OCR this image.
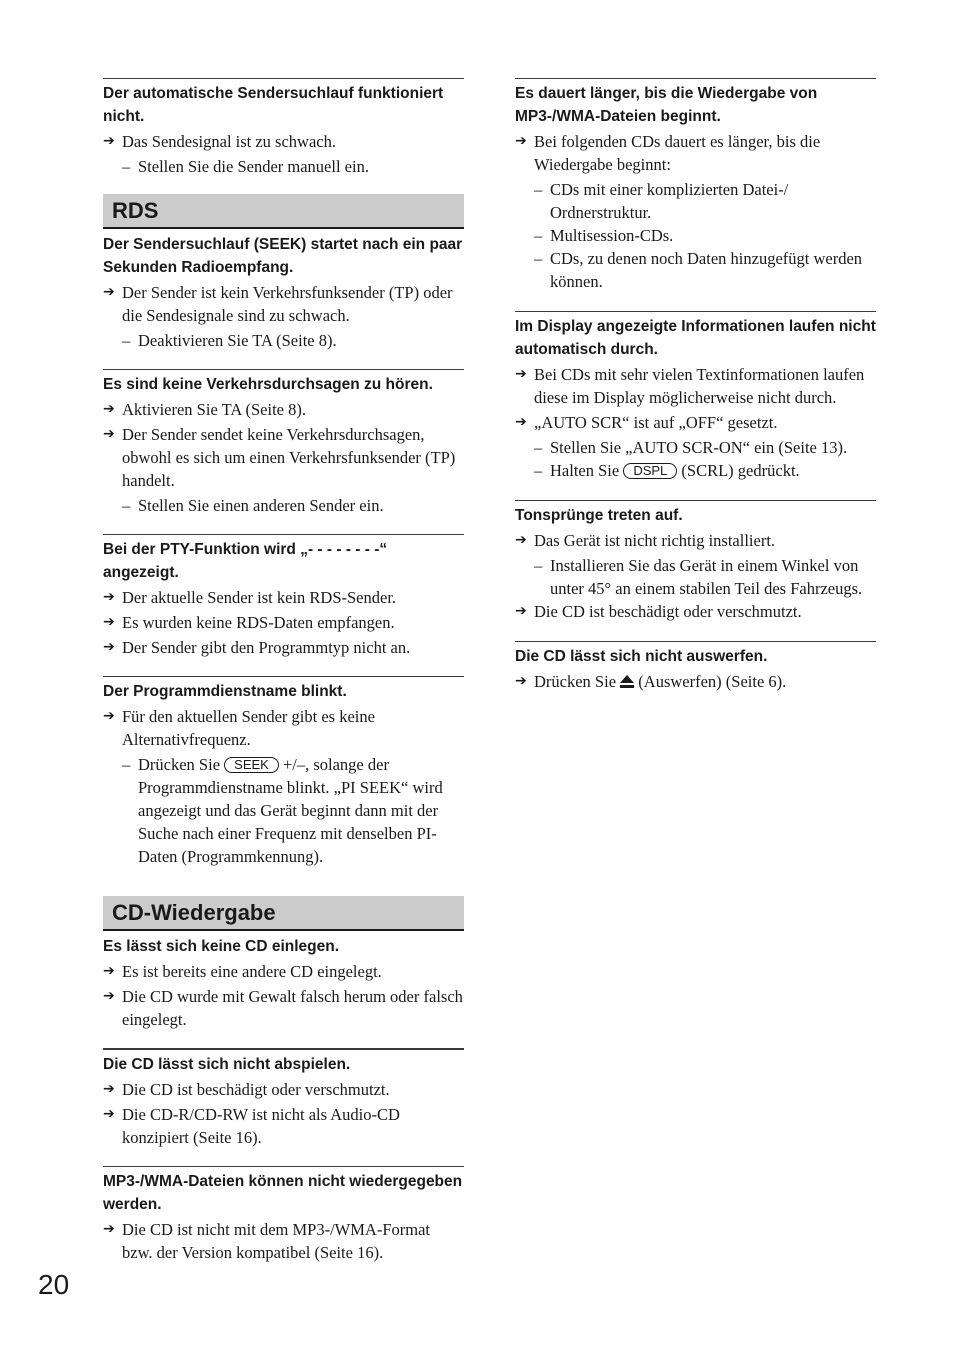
Der automatische Sendersuchlauf funktioniert nicht.
➔ Das Sendesignal ist zu schwach.
– Stellen Sie die Sender manuell ein.
RDS
Der Sendersuchlauf (SEEK) startet nach ein paar Sekunden Radioempfang.
➔ Der Sender ist kein Verkehrsfunksender (TP) oder die Sendesignale sind zu schwach.
– Deaktivieren Sie TA (Seite 8).
Es sind keine Verkehrsdurchsagen zu hören.
➔ Aktivieren Sie TA (Seite 8).
➔ Der Sender sendet keine Verkehrsdurchsagen, obwohl es sich um einen Verkehrsfunksender (TP) handelt.
– Stellen Sie einen anderen Sender ein.
Bei der PTY-Funktion wird „- - - - - - - -“ angezeigt.
➔ Der aktuelle Sender ist kein RDS-Sender.
➔ Es wurden keine RDS-Daten empfangen.
➔ Der Sender gibt den Programmtyp nicht an.
Der Programmdienstname blinkt.
➔ Für den aktuellen Sender gibt es keine Alternativfrequenz.
– Drücken Sie SEEK +/–, solange der Programmdienstname blinkt. „PI SEEK“ wird angezeigt und das Gerät beginnt dann mit der Suche nach einer Frequenz mit denselben PI-Daten (Programmkennung).
CD-Wiedergabe
Es lässt sich keine CD einlegen.
➔ Es ist bereits eine andere CD eingelegt.
➔ Die CD wurde mit Gewalt falsch herum oder falsch eingelegt.
Die CD lässt sich nicht abspielen.
➔ Die CD ist beschädigt oder verschmutzt.
➔ Die CD-R/CD-RW ist nicht als Audio-CD konzipiert (Seite 16).
MP3-/WMA-Dateien können nicht wiedergegeben werden.
➔ Die CD ist nicht mit dem MP3-/WMA-Format bzw. der Version kompatibel (Seite 16).
Es dauert länger, bis die Wiedergabe von MP3-/WMA-Dateien beginnt.
➔ Bei folgenden CDs dauert es länger, bis die Wiedergabe beginnt:
– CDs mit einer komplizierten Datei-/ Ordnerstruktur.
– Multisession-CDs.
– CDs, zu denen noch Daten hinzugefügt werden können.
Im Display angezeigte Informationen laufen nicht automatisch durch.
➔ Bei CDs mit sehr vielen Textinformationen laufen diese im Display möglicherweise nicht durch.
➔ „AUTO SCR“ ist auf „OFF“ gesetzt.
– Stellen Sie „AUTO SCR-ON“ ein (Seite 13).
– Halten Sie DSPL (SCRL) gedrückt.
Tonsprünge treten auf.
➔ Das Gerät ist nicht richtig installiert.
– Installieren Sie das Gerät in einem Winkel von unter 45° an einem stabilen Teil des Fahrzeugs.
➔ Die CD ist beschädigt oder verschmutzt.
Die CD lässt sich nicht auswerfen.
➔ Drücken Sie (Auswerfen) (Seite 6).
20
